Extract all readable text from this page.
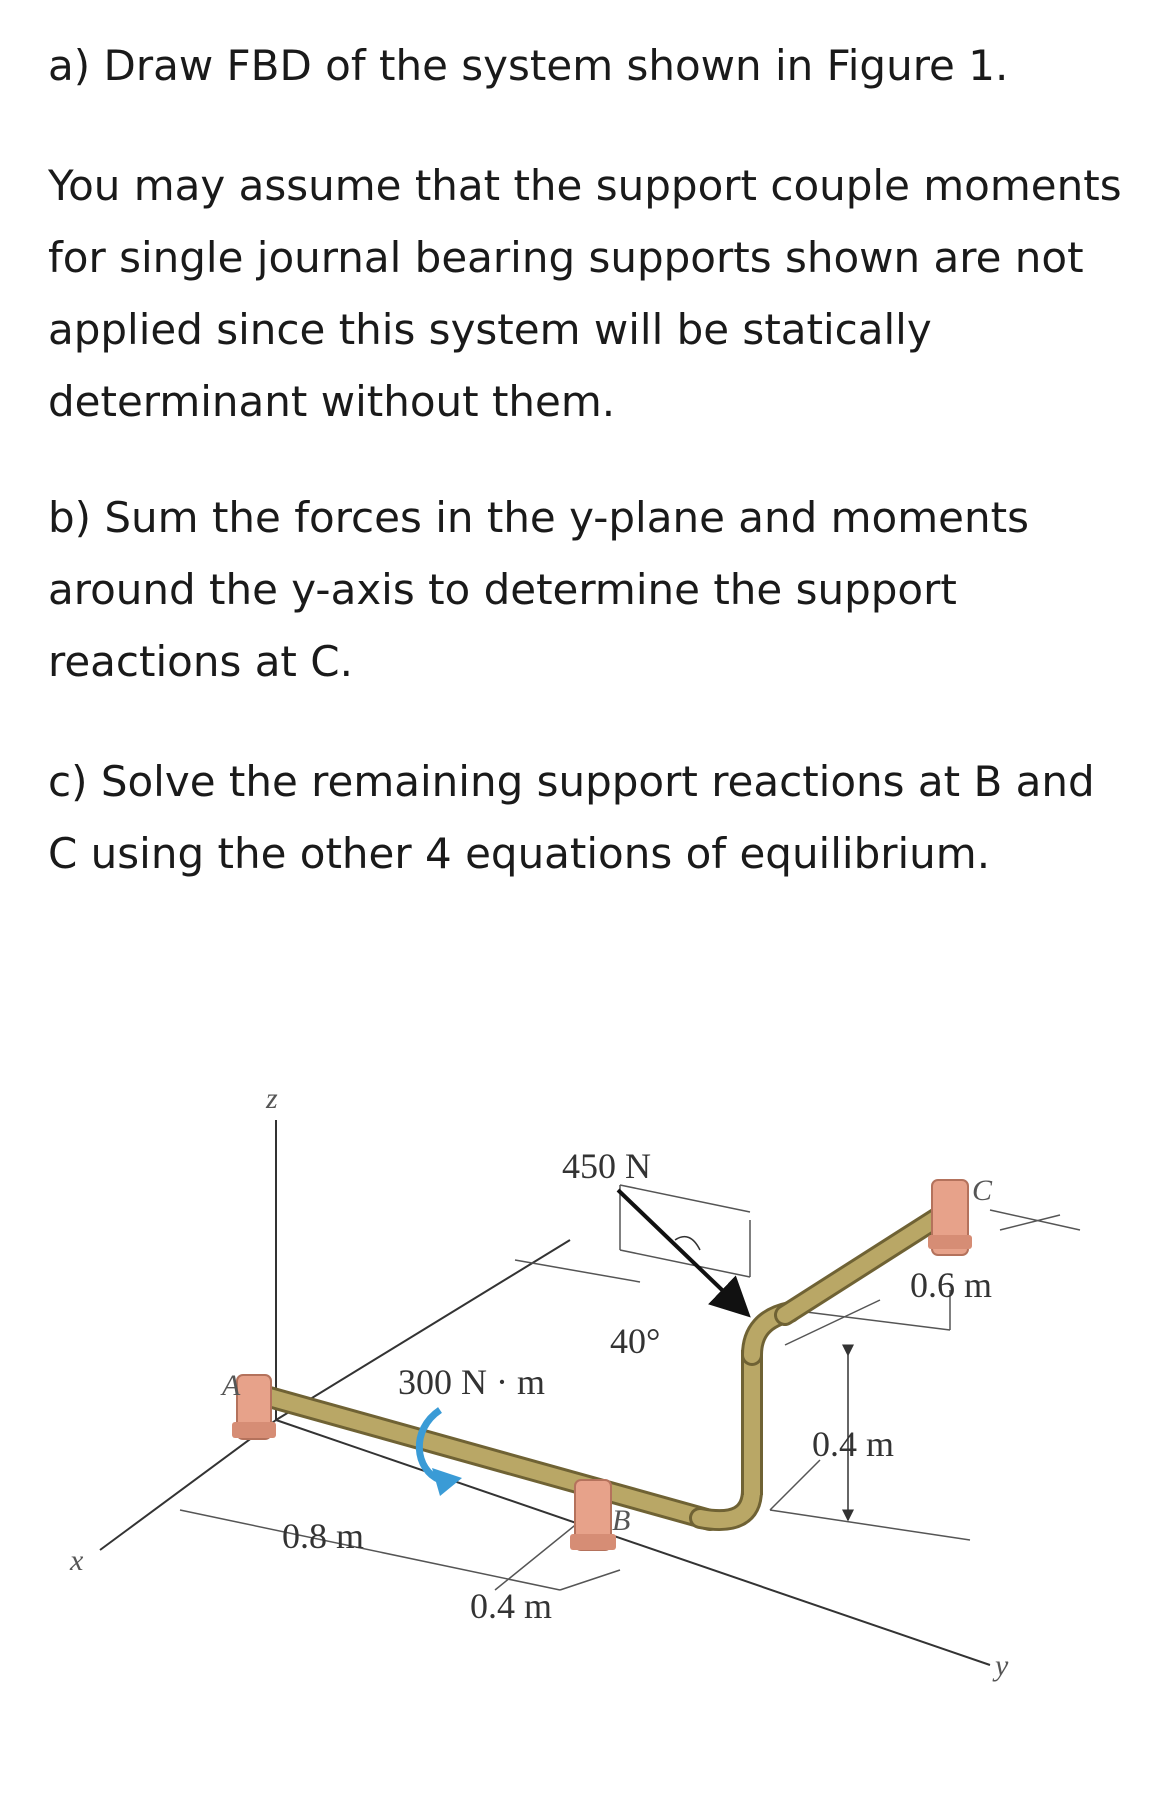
a) Draw FBD of the system shown in Figure 1.

You may assume that the support couple moments for single journal bearing supports shown are not applied since this system will be statically determinant without them.

b) Sum the forces in the y-plane and moments around the y-axis to determine the support reactions at C.

c) Solve the remaining support reactions at B and C using the other 4 equations of equilibrium.

z
x
y
450 N
40°
300 N · m
0.8 m
0.4 m
0.4 m
0.6 m
A
B
C
